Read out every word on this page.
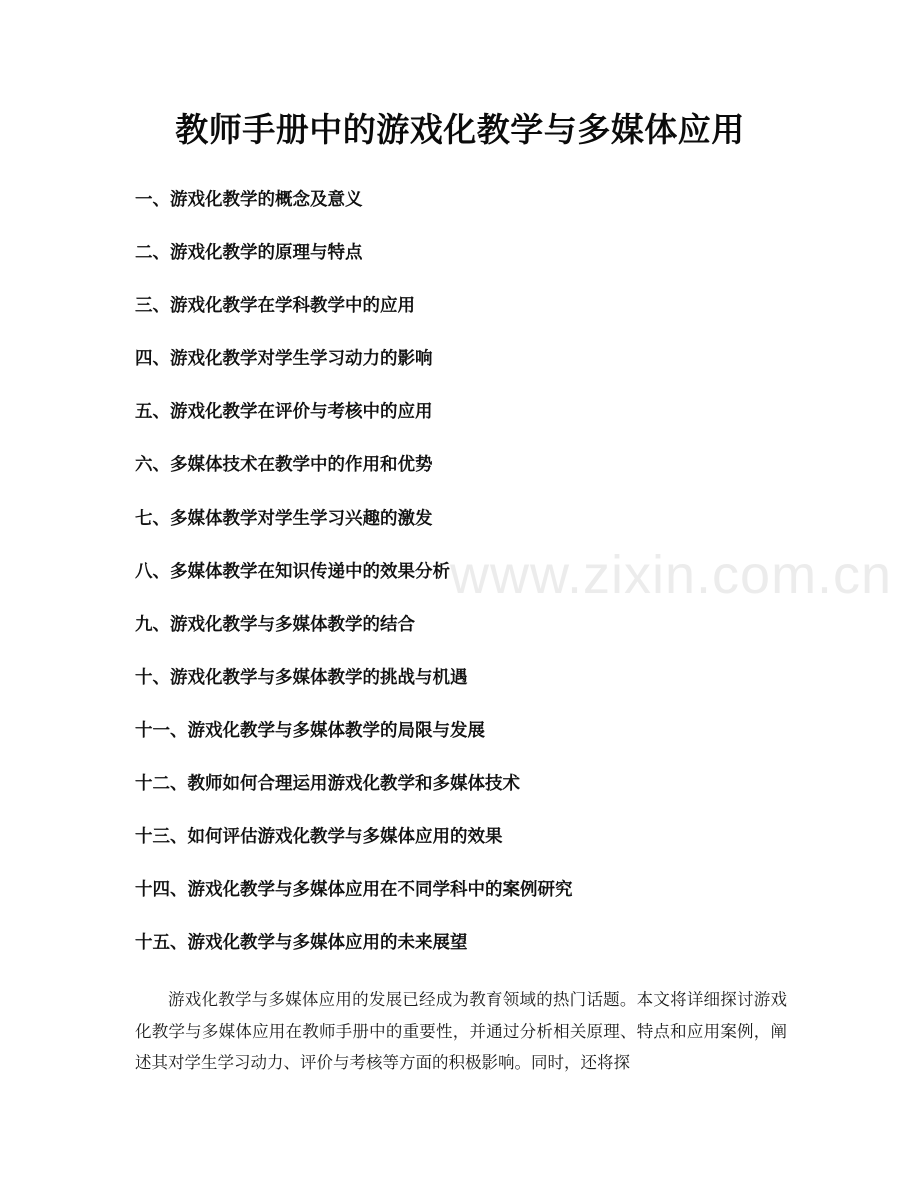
www.zixin.com.cn
教师手册中的游戏化教学与多媒体应用
一、游戏化教学的概念及意义
二、游戏化教学的原理与特点
三、游戏化教学在学科教学中的应用
四、游戏化教学对学生学习动力的影响
五、游戏化教学在评价与考核中的应用
六、多媒体技术在教学中的作用和优势
七、多媒体教学对学生学习兴趣的激发
八、多媒体教学在知识传递中的效果分析
九、游戏化教学与多媒体教学的结合
十、游戏化教学与多媒体教学的挑战与机遇
十一、游戏化教学与多媒体教学的局限与发展
十二、教师如何合理运用游戏化教学和多媒体技术
十三、如何评估游戏化教学与多媒体应用的效果
十四、游戏化教学与多媒体应用在不同学科中的案例研究
十五、游戏化教学与多媒体应用的未来展望

游戏化教学与多媒体应用的发展已经成为教育领域的热门话题。本文将详细探讨游戏化教学与多媒体应用在教师手册中的重要性，并通过分析相关原理、特点和应用案例，阐述其对学生学习动力、评价与考核等方面的积极影响。同时，还将探
